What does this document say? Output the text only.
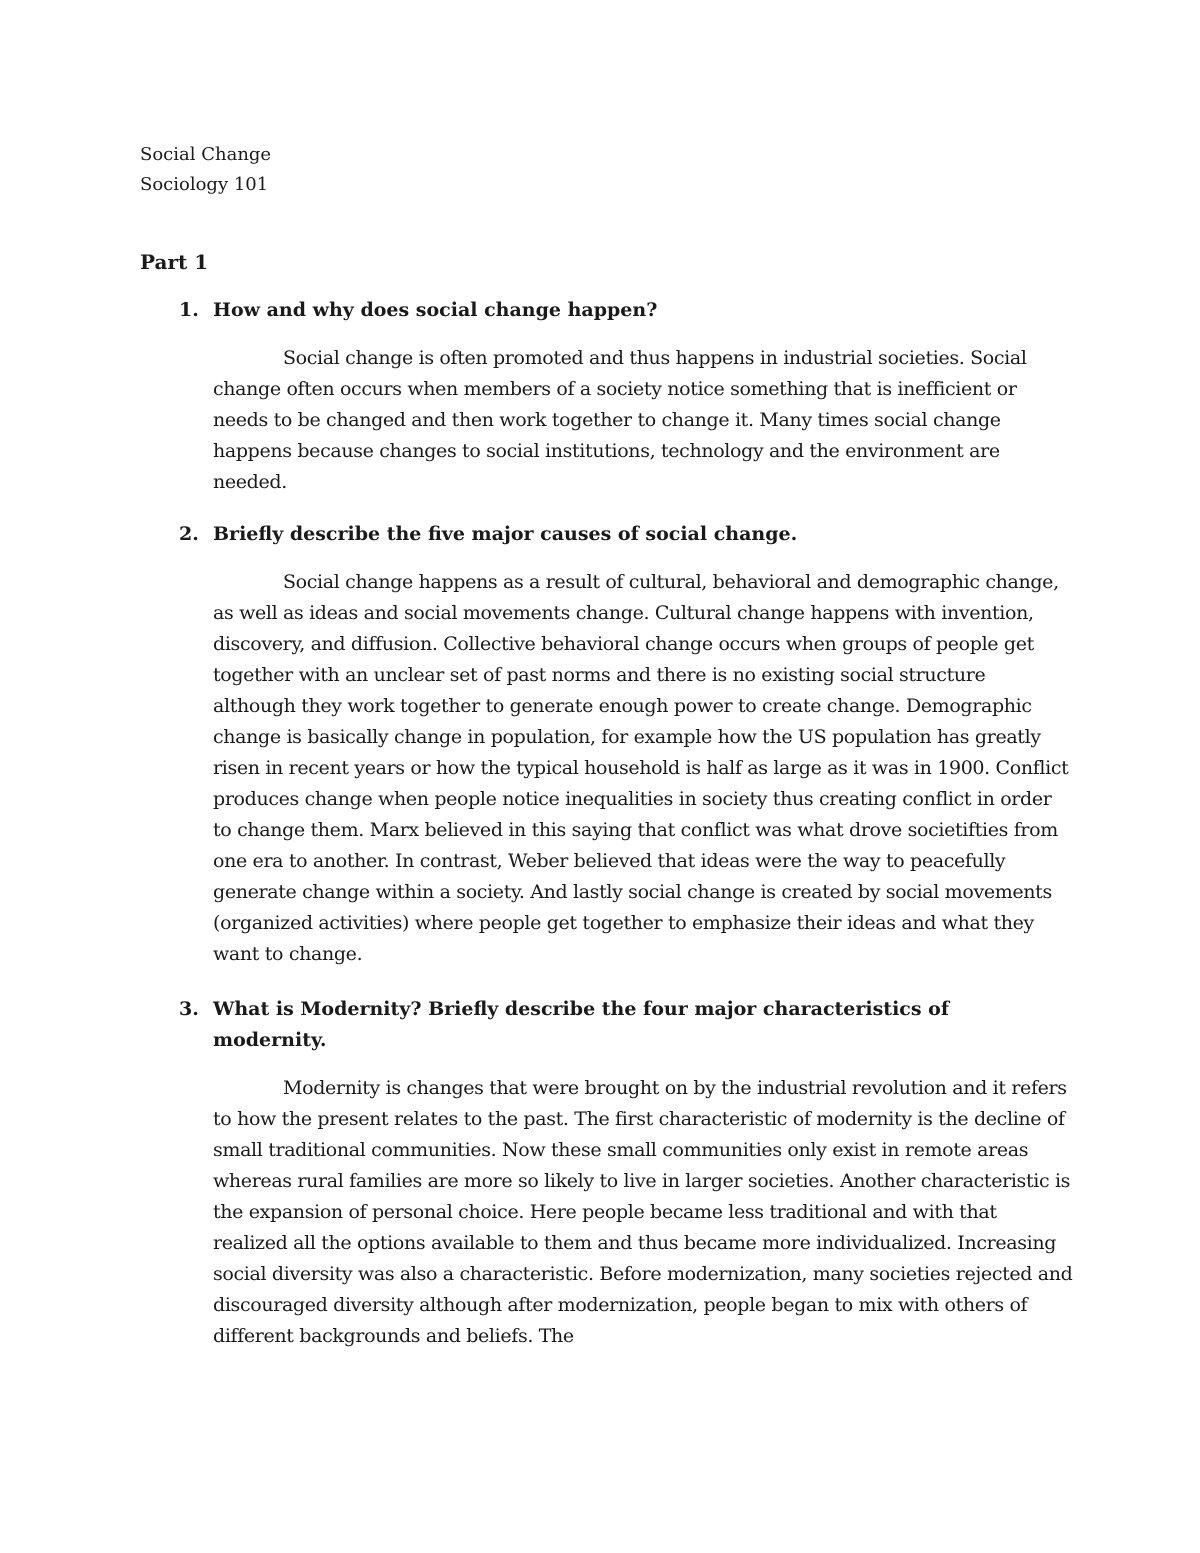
Social Change
Sociology 101
Part 1
1. How and why does social change happen?

Social change is often promoted and thus happens in industrial societies. Social change often occurs when members of a society notice something that is inefficient or needs to be changed and then work together to change it. Many times social change happens because changes to social institutions, technology and the environment are needed.

2. Briefly describe the five major causes of social change.

Social change happens as a result of cultural, behavioral and demographic change, as well as ideas and social movements change. Cultural change happens with invention, discovery, and diffusion. Collective behavioral change occurs when groups of people get together with an unclear set of past norms and there is no existing social structure although they work together to generate enough power to create change. Demographic change is basically change in population, for example how the US population has greatly risen in recent years or how the typical household is half as large as it was in 1900. Conflict produces change when people notice inequalities in society thus creating conflict in order to change them. Marx believed in this saying that conflict was what drove societifties from one era to another. In contrast, Weber believed that ideas were the way to peacefully generate change within a society. And lastly social change is created by social movements (organized activities) where people get together to emphasize their ideas and what they want to change.

3. What is Modernity? Briefly describe the four major characteristics of modernity.

Modernity is changes that were brought on by the industrial revolution and it refers to how the present relates to the past. The first characteristic of modernity is the decline of small traditional communities. Now these small communities only exist in remote areas whereas rural families are more so likely to live in larger societies. Another characteristic is the expansion of personal choice. Here people became less traditional and with that realized all the options available to them and thus became more individualized. Increasing social diversity was also a characteristic. Before modernization, many societies rejected and discouraged diversity although after modernization, people began to mix with others of different backgrounds and beliefs. The
